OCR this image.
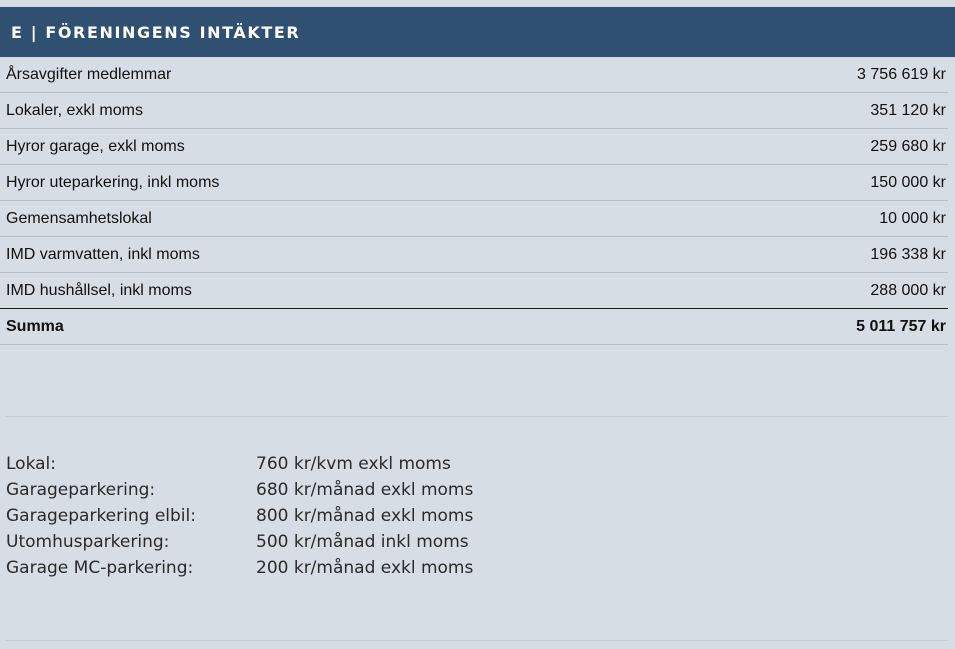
E | FÖRENINGENS INTÄKTER
Årsavgifter medlemmar	3 756 619 kr
Lokaler, exkl moms	351 120 kr
Hyror garage, exkl moms	259 680 kr
Hyror uteparkering, inkl moms	150 000 kr
Gemensamhetslokal	10 000 kr
IMD varmvatten, inkl moms	196 338 kr
IMD hushållsel, inkl moms	288 000 kr
Summa	5 011 757 kr
Lokal:	760 kr/kvm exkl moms
Garageparkering:	680 kr/månad exkl moms
Garageparkering elbil:	800 kr/månad exkl moms
Utomhusparkering:	500 kr/månad inkl moms
Garage MC-parkering:	200 kr/månad exkl moms
